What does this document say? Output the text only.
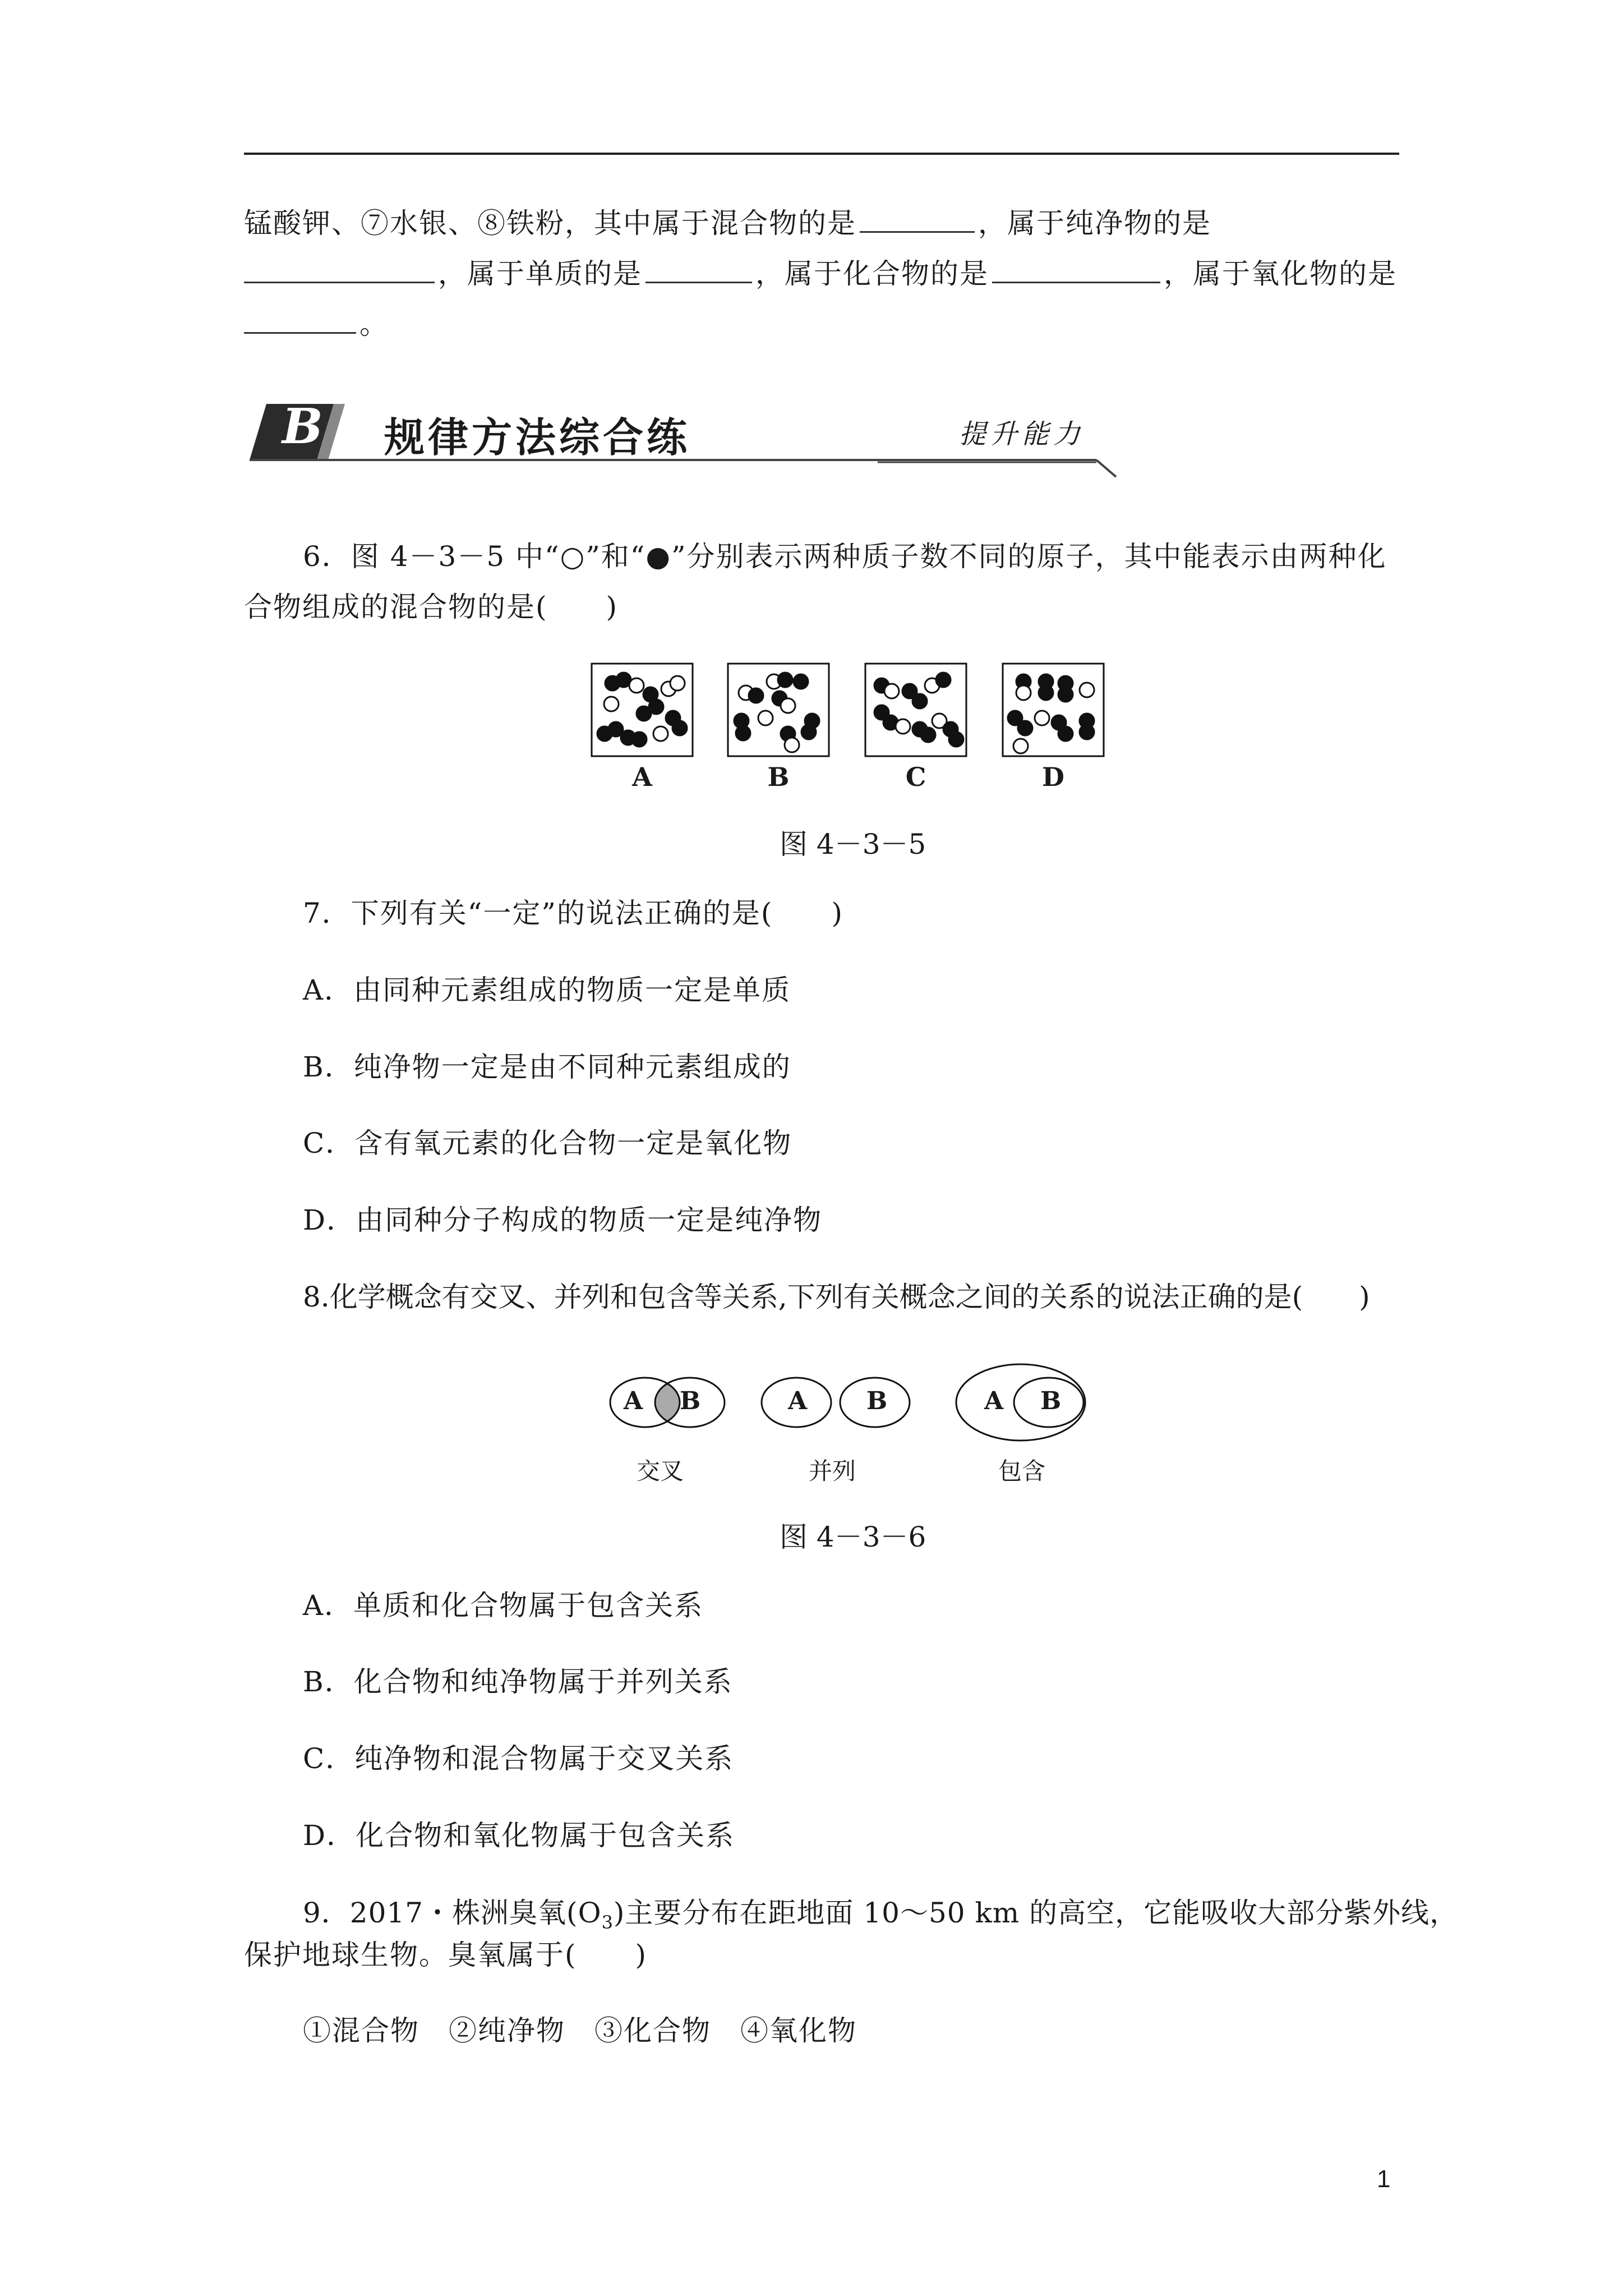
锰酸钾、⑦水银、⑧铁粉，其中属于混合物的是	，属于纯净物的是
，属于单质的是	，属于化合物的是	，属于氧化物的是
。
B 规律方法综合练	提升能力
6．图 4－3－5 中“○”和“●”分别表示两种质子数不同的原子，其中能表示由两种化
合物组成的混合物的是(　　)
A	B	C	D
图 4－3－5
7．下列有关“一定”的说法正确的是(　　)
A．由同种元素组成的物质一定是单质
B．纯净物一定是由不同种元素组成的
C．含有氧元素的化合物一定是氧化物
D．由同种分子构成的物质一定是纯净物
8.化学概念有交叉、并列和包含等关系,下列有关概念之间的关系的说法正确的是(　　)
A B	A B	A B
交叉	并列	包含
图 4－3－6
A．单质和化合物属于包含关系
B．化合物和纯净物属于并列关系
C．纯净物和混合物属于交叉关系
D．化合物和氧化物属于包含关系
9．2017・株洲臭氧$(O_3)$主要分布在距地面 10～50 km 的高空，它能吸收大部分紫外线，
保护地球生物。臭氧属于(　　)
①混合物　②纯净物　③化合物　④氧化物
1
